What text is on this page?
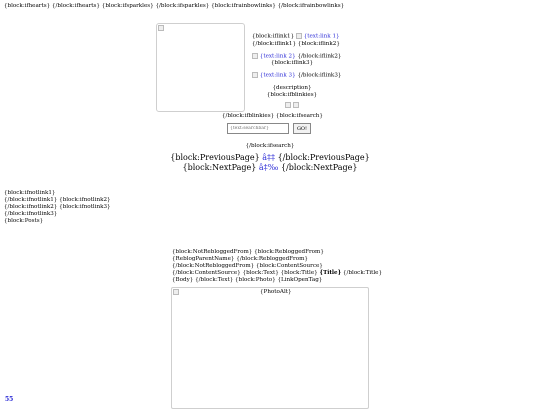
{block:ifhearts} {/block:ifhearts} {block:ifsparkles} {/block:ifsparkles} {block:ifrainbowlinks} {/block:ifrainbowlinks}
{block:iflink1} {text:link 1}
{/block:iflink1} {block:iflink2}
{text:link 2} {/block:iflink2}
{block:iflink3}
{text:link 3} {/block:iflink3}
{description}
{block:ifblinkies}

{/block:ifblinkies} {block:ifsearch}
{text:searchbar}
GO!
{/block:ifsearch}
{block:PreviousPage} â‡‡ {/block:PreviousPage}
{block:NextPage} â‡‰ {/block:NextPage}
{block:ifnotlink1}
{/block:ifnotlink1} {block:ifnotlink2}
{/block:ifnotlink2} {block:ifnotlink3}
{/block:ifnotlink3}
{block:Posts}
{block:NotRebloggedFrom} {block:RebloggedFrom}
{ReblogParentName} {/block:RebloggedFrom}
{/block:NotRebloggedFrom} {block:ContentSource}
{/block:ContentSource} {block:Text} {block:Title} {Title} {/block:Title}
{Body} {/block:Text} {block:Photo} {LinkOpenTag}
{PhotoAlt}
55
